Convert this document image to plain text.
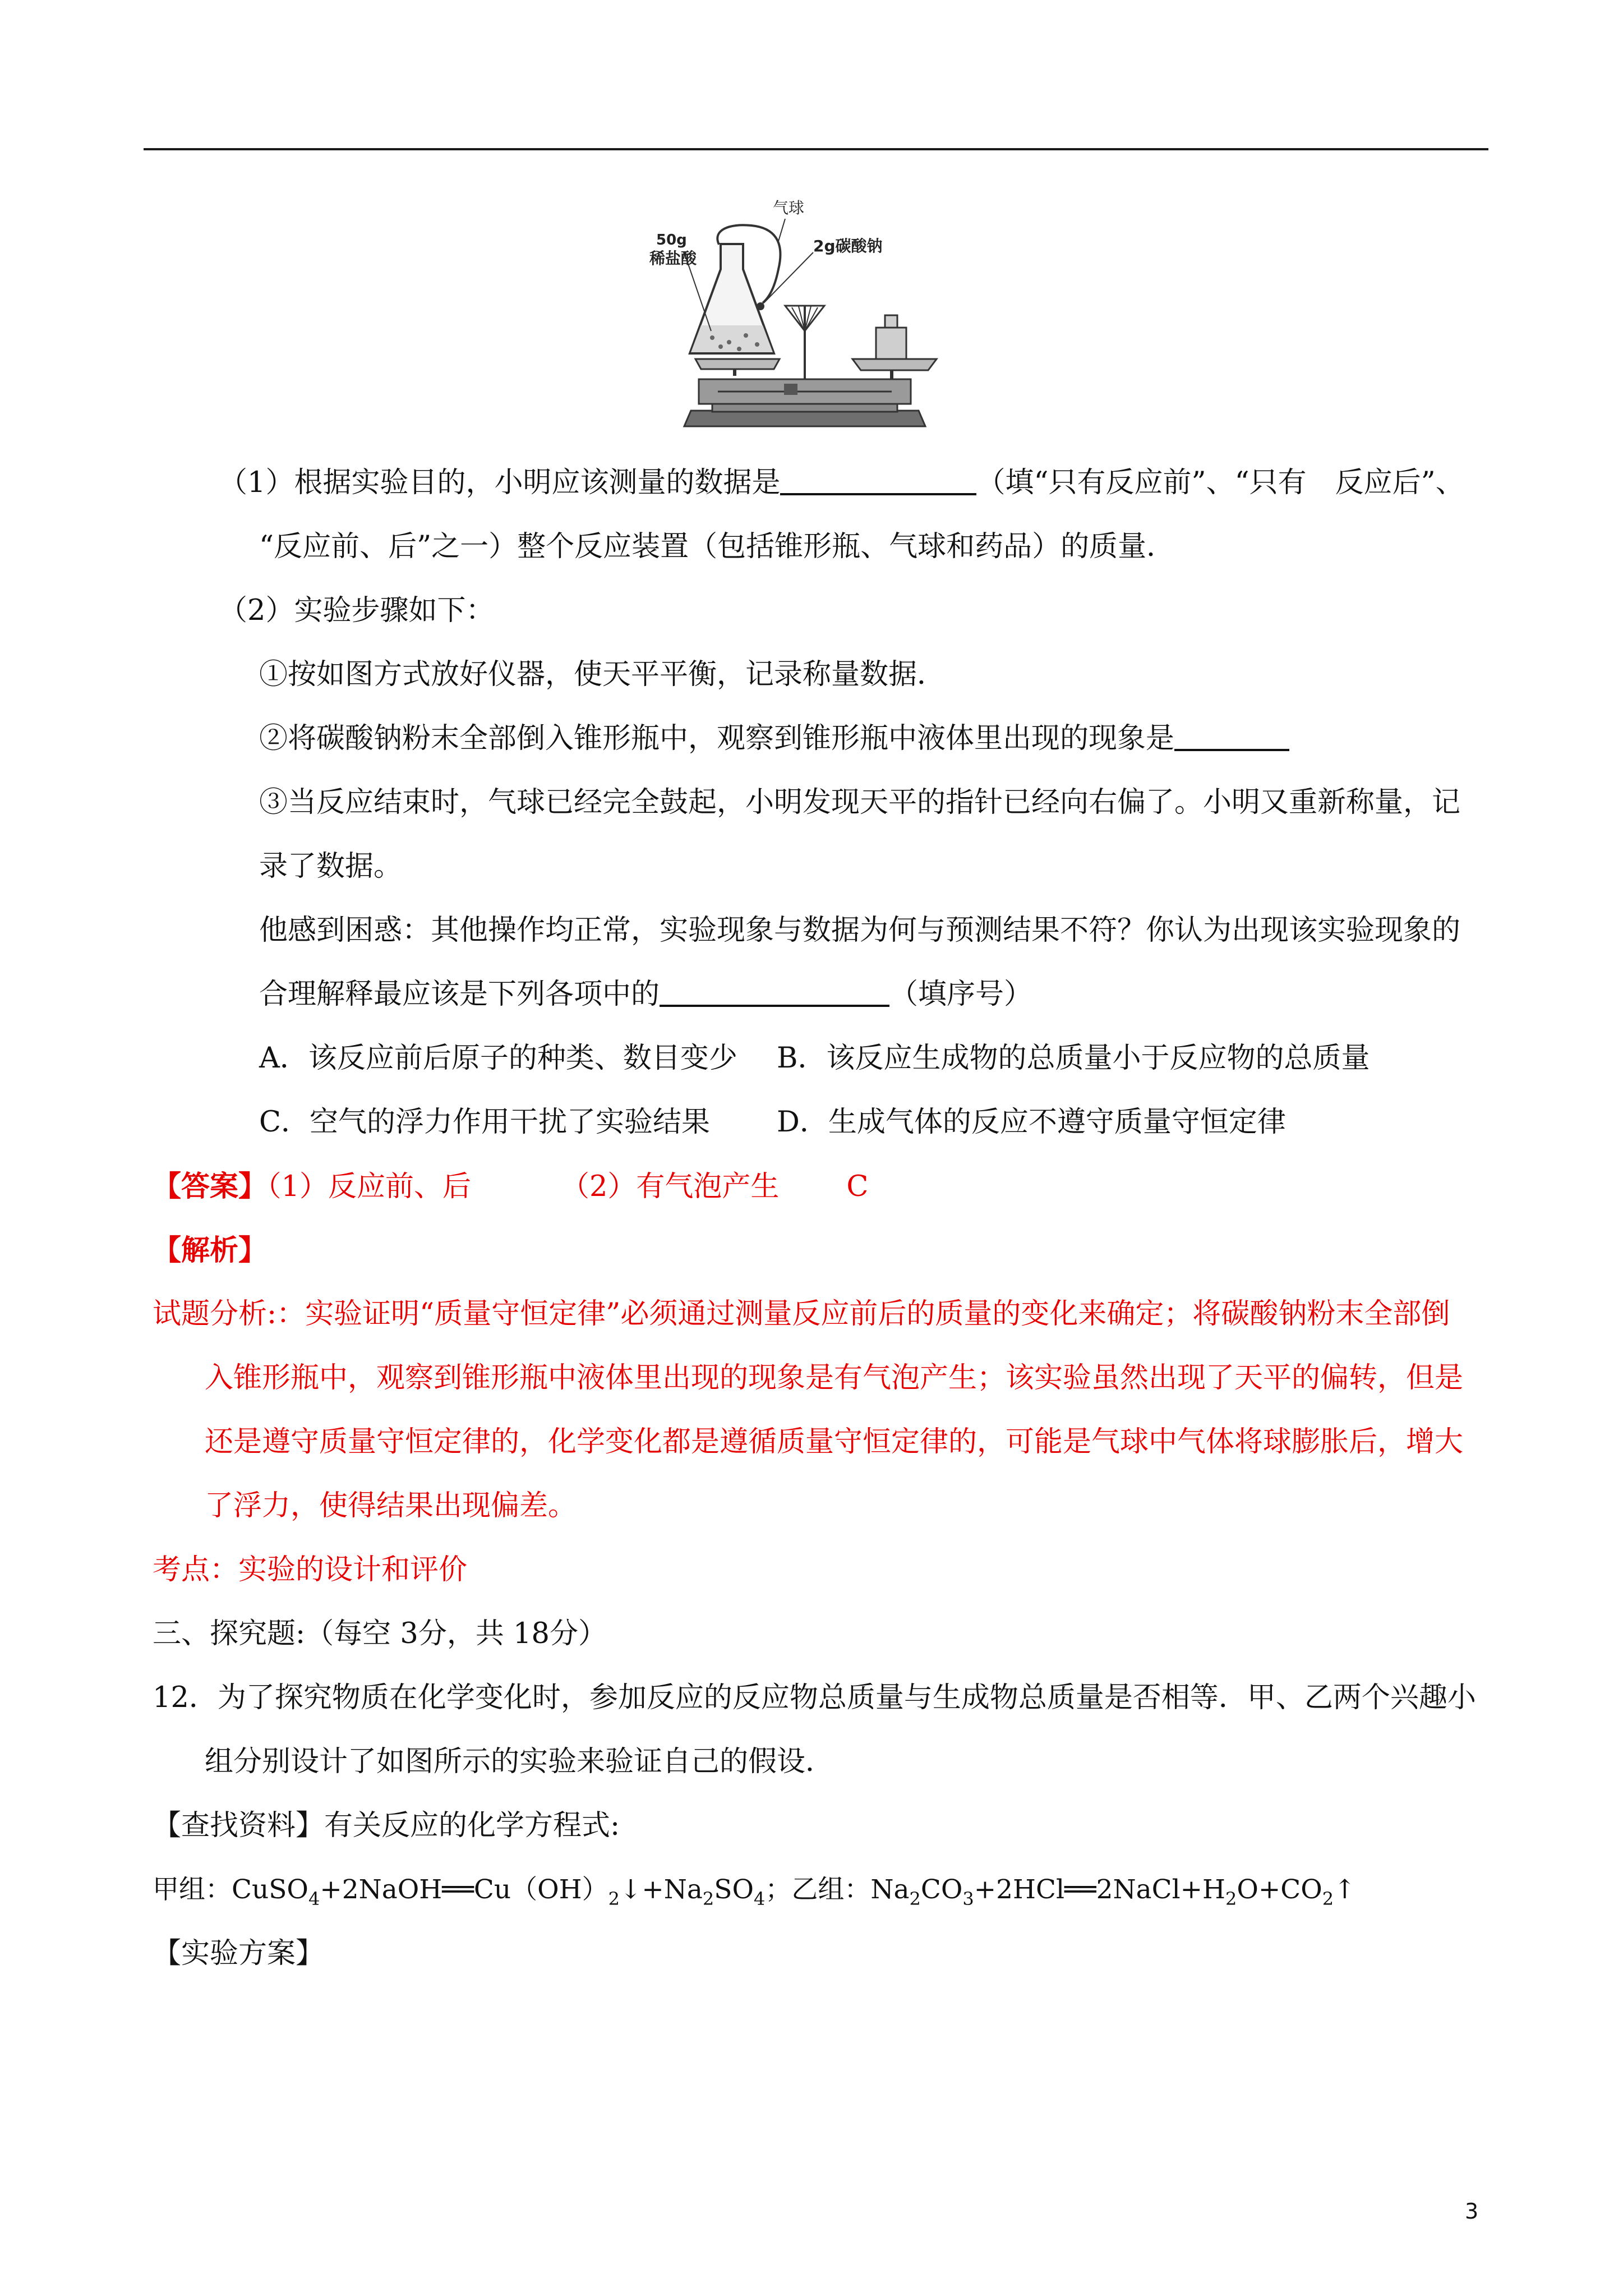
气球
50g
稀盐酸
2g碳酸钠
（1）根据实验目的，小明应该测量的数据是	（填“只有反应前”、“只有　反应后”、
“反应前、后”之一）整个反应装置（包括锥形瓶、气球和药品）的质量．
（2）实验步骤如下：
①按如图方式放好仪器，使天平平衡，记录称量数据．
②将碳酸钠粉末全部倒入锥形瓶中，观察到锥形瓶中液体里出现的现象是
③当反应结束时，气球已经完全鼓起，小明发现天平的指针已经向右偏了。小明又重新称量，记
录了数据。
他感到困惑：其他操作均正常，实验现象与数据为何与预测结果不符？你认为出现该实验现象的
合理解释最应该是下列各项中的	（填序号）
A．该反应前后原子的种类、数目变少 B．该反应生成物的总质量小于反应物的总质量
C．空气的浮力作用干扰了实验结果 D．生成气体的反应不遵守质量守恒定律
【答案】（1）反应前、后	（2）有气泡产生 C
【解析】
试题分析:：实验证明“质量守恒定律”必须通过测量反应前后的质量的变化来确定；将碳酸钠粉末全部倒
入锥形瓶中，观察到锥形瓶中液体里出现的现象是有气泡产生；该实验虽然出现了天平的偏转，但是
还是遵守质量守恒定律的，化学变化都是遵循质量守恒定律的，可能是气球中气体将球膨胀后，增大
了浮力，使得结果出现偏差。
考点：实验的设计和评价
三、探究题:（每空 3分，共 18分）
12．为了探究物质在化学变化时，参加反应的反应物总质量与生成物总质量是否相等．甲、乙两个兴趣小
组分别设计了如图所示的实验来验证自己的假设．
【查找资料】有关反应的化学方程式:
甲组：$CuSO_4+2NaOH══Cu(OH)_2↓+Na_2SO_4$；乙组：$Na_2CO_3+2HCl══2NaCl+H_2O+CO_2↑$
【实验方案】
3
